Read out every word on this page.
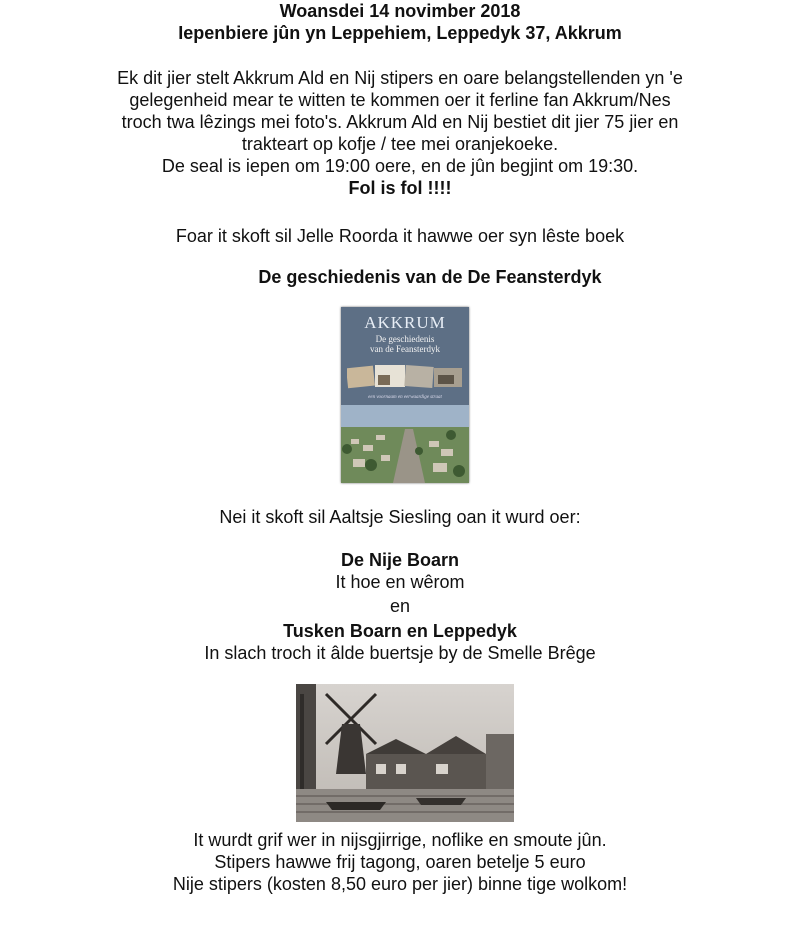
Woansdei 14 novimber 2018
Iepenbiere jûn yn Leppehiem, Leppedyk 37, Akkrum
Ek dit jier stelt Akkrum Ald en Nij stipers en oare belangstellenden yn 'e
gelegenheid mear te witten te kommen oer it ferline fan Akkrum/Nes
troch twa lêzings mei foto's. Akkrum Ald en Nij bestiet dit jier 75 jier en
trakteart op kofje / tee mei oranjekoeke.
De seal is iepen om 19:00 oere, en de jûn begjint om 19:30.
Fol is fol !!!!
Foar it skoft sil Jelle Roorda it hawwe oer syn lêste boek
De geschiedenis van de De Feansterdyk
AKKRUM
De geschiedenis
van de Feansterdyk
een voornaam en eerwaardige straat
Nei it skoft sil Aaltsje Siesling oan it wurd oer:
De Nije Boarn
It hoe en wêrom
en
Tusken Boarn en Leppedyk
In slach troch it âlde buertsje by de Smelle Brêge
It wurdt grif wer in nijsgjirrige, noflike en smoute jûn.
Stipers hawwe frij tagong, oaren betelje 5 euro
Nije stipers (kosten 8,50 euro per jier) binne tige wolkom!
